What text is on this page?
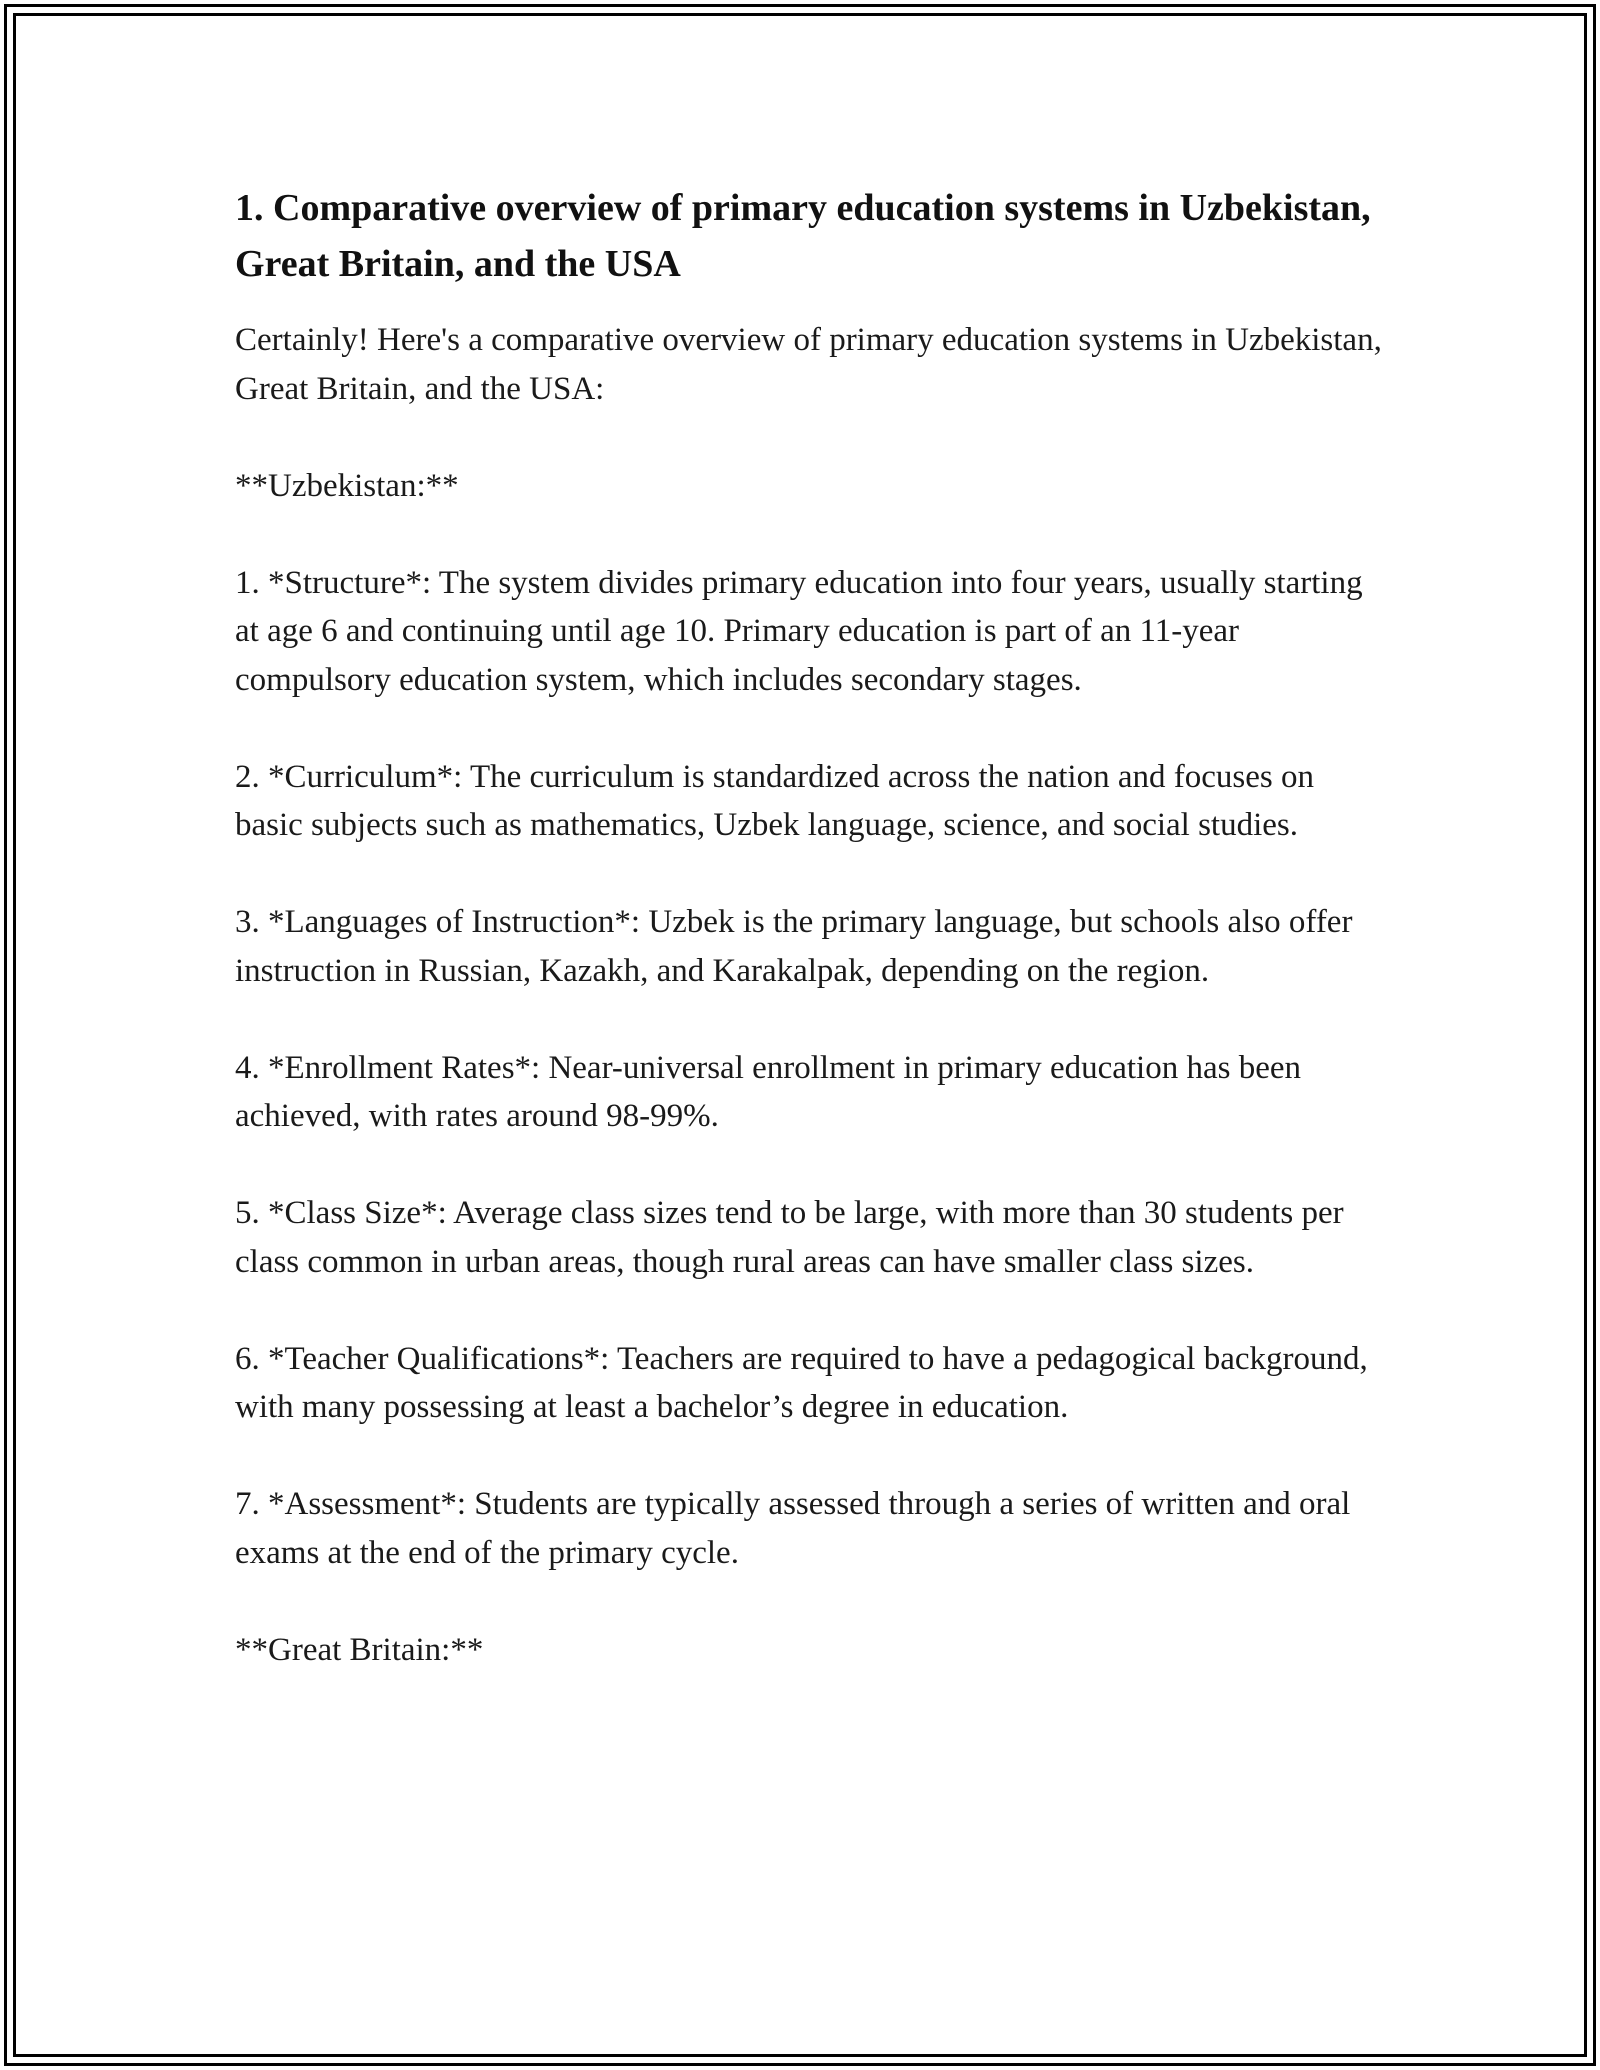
1. Comparative overview of primary education systems in Uzbekistan, Great Britain, and the USA

Certainly! Here's a comparative overview of primary education systems in Uzbekistan, Great Britain, and the USA:

**Uzbekistan:**

1. *Structure*: The system divides primary education into four years, usually starting at age 6 and continuing until age 10. Primary education is part of an 11-year compulsory education system, which includes secondary stages.

2. *Curriculum*: The curriculum is standardized across the nation and focuses on basic subjects such as mathematics, Uzbek language, science, and social studies.

3. *Languages of Instruction*: Uzbek is the primary language, but schools also offer instruction in Russian, Kazakh, and Karakalpak, depending on the region.

4. *Enrollment Rates*: Near-universal enrollment in primary education has been achieved, with rates around 98-99%.

5. *Class Size*: Average class sizes tend to be large, with more than 30 students per class common in urban areas, though rural areas can have smaller class sizes.

6. *Teacher Qualifications*: Teachers are required to have a pedagogical background, with many possessing at least a bachelor’s degree in education.

7. *Assessment*: Students are typically assessed through a series of written and oral exams at the end of the primary cycle.

**Great Britain:**
